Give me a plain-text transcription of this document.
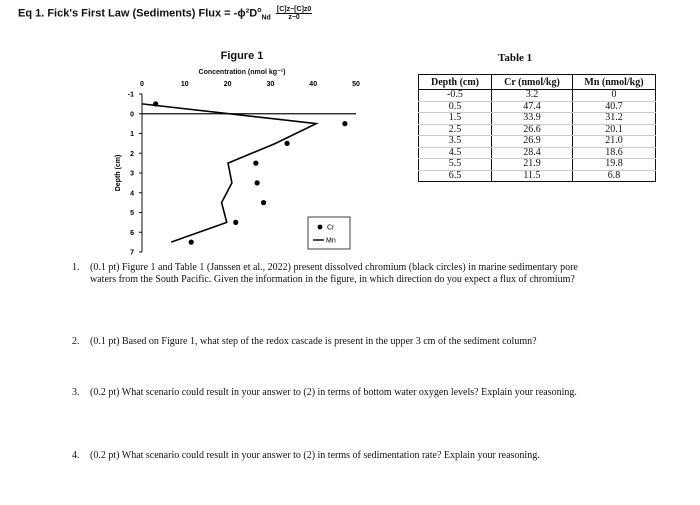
Eq 1. Fick's First Law (Sediments) Flux = $-\phi^2D^o_{Nd} \frac{[C]z-[C]z0}{z-0}$
Figure 1
Concentration (nmol kg⁻¹)
0	10	20	30	40	50
-1
0
1
2
3
4
5
6
7
Depth (cm)
Cr
Mn
Table 1
Depth (cm)	Cr (nmol/kg)	Mn (nmol/kg)
-0.5	3.2	0
0.5	47.4	40.7
1.5	33.9	31.2
2.5	26.6	20.1
3.5	26.9	21.0
4.5	28.4	18.6
5.5	21.9	19.8
6.5	11.5	6.8
1. (0.1 pt) Figure 1 and Table 1 (Janssen et al., 2022) present dissolved chromium (black circles) in marine sedimentary pore
waters from the South Pacific. Given the information in the figure, in which direction do you expect a flux of chromium?
2. (0.1 pt) Based on Figure 1, what step of the redox cascade is present in the upper 3 cm of the sediment column?
3. (0.2 pt) What scenario could result in your answer to (2) in terms of bottom water oxygen levels? Explain your reasoning.
4. (0.2 pt) What scenario could result in your answer to (2) in terms of sedimentation rate? Explain your reasoning.
